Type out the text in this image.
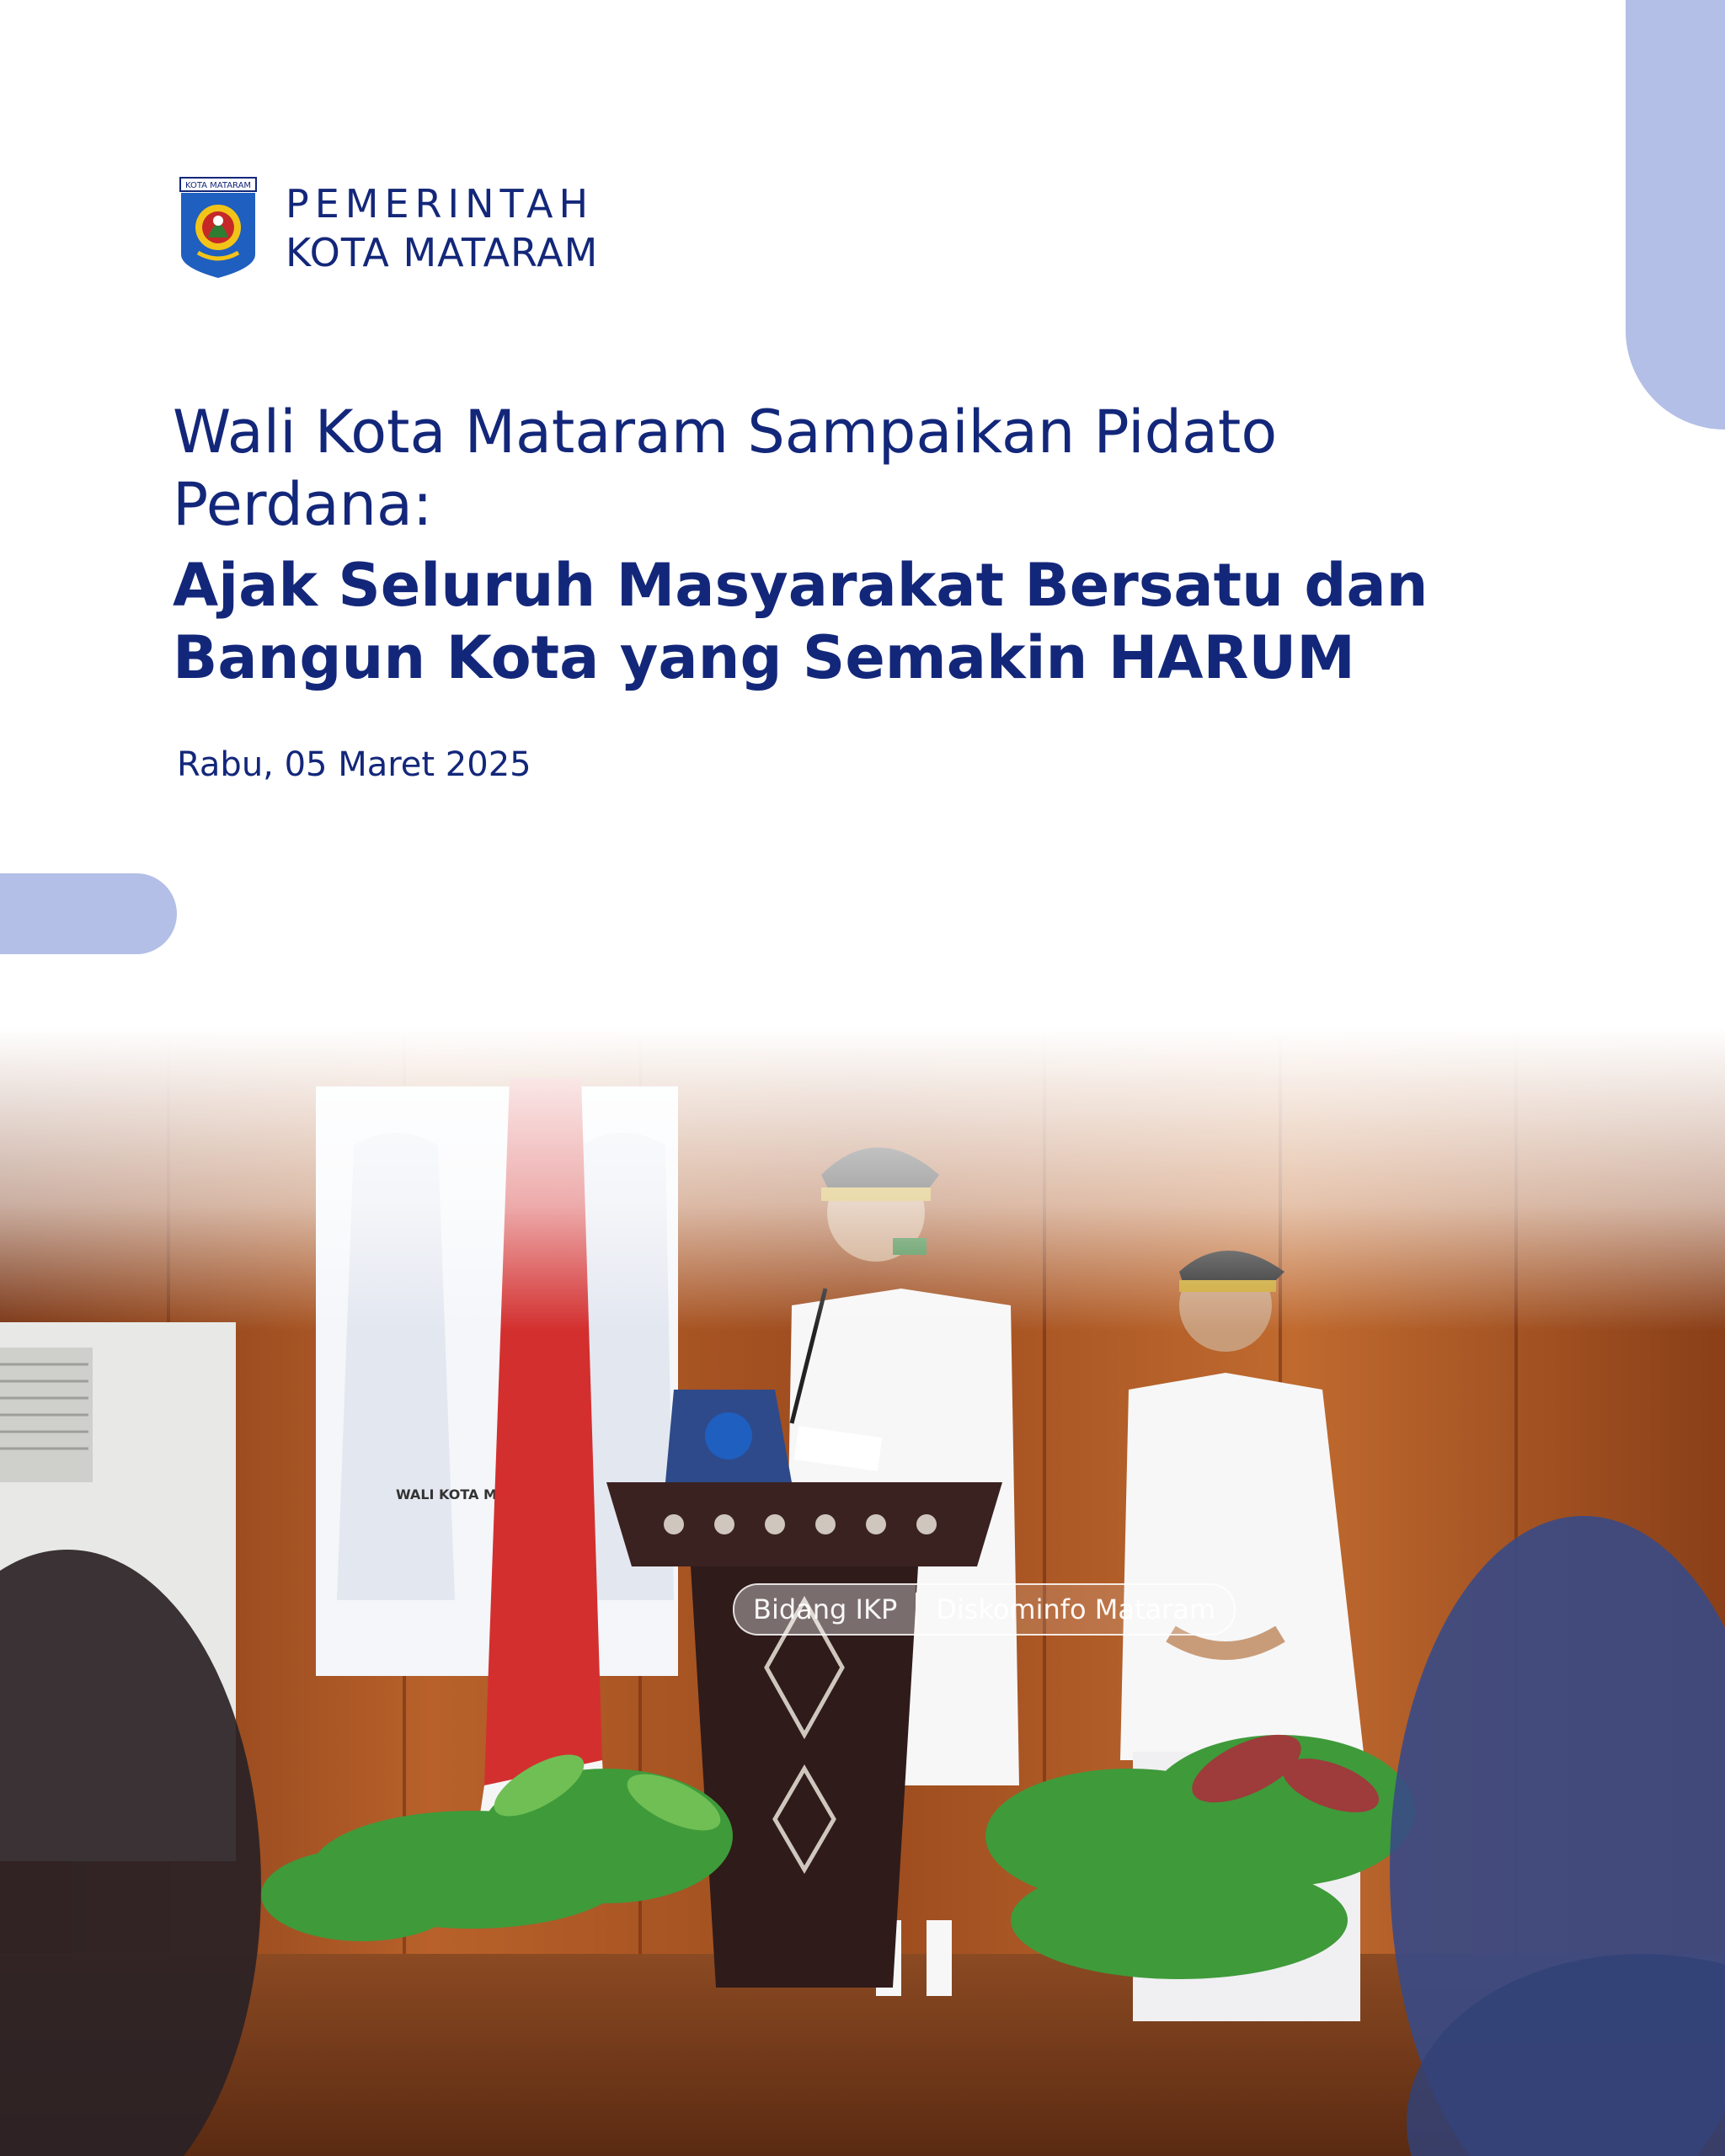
KOTA MATARAM PEMERINTAH
KOTA MATARAM
Wali Kota Mataram Sampaikan Pidato
Perdana:
Ajak Seluruh Masyarakat Bersatu dan
Bangun Kota yang Semakin HARUM
Rabu, 05 Maret 2025
Bidang IKP	Diskominfo Mataram
